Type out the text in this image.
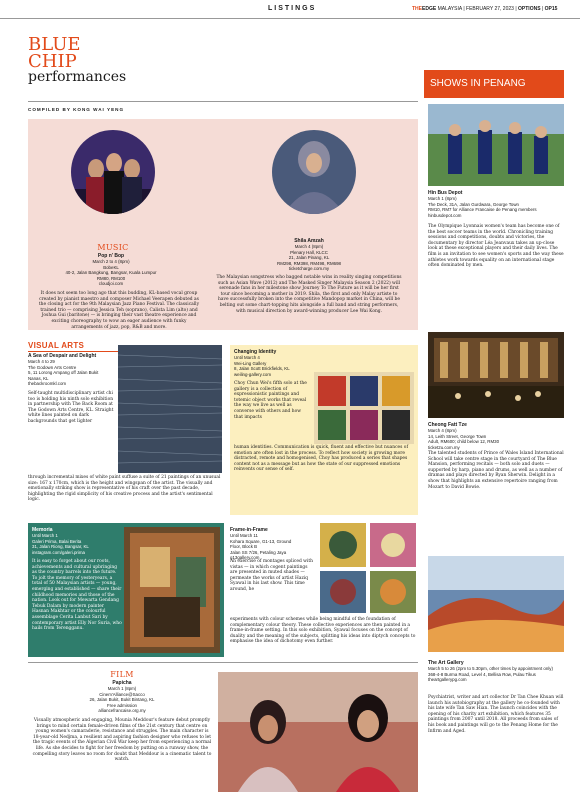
LISTINGS	THEEDGE MALAYSIA | FEBRUARY 27, 2023 | OPTIONS | OP15
BLUE
CHIP
performances	SHOWS IN PENANG
COMPILED BY KONG WAI YENG
MUSIC
Pop n' Bop
March 2 to 4 (8pm)
BobeKL
40-2, Jalan Bangkung, Bangsar, Kuala Lumpur
RM80, RM100
cloudjoi.com
It does not seem too long ago that this budding, KL-based vocal group created by pianist maestro and composer Michael Veerapen debuted as the closing act for the 9th Malaysian Jazz Piano Festival. The classically trained trio — comprising Jessica Teh (soprano), Calista Lim (alto) and Joshua Gui (baritone) — is bringing their vast theatre experience and exciting choreography to wow an eager audience with funky arrangements of jazz, pop, R&B and more.
Shila Amzah
March 4 (8pm)
Plenary Hall, KLCC
21, Jalan Pinang, KL
RM298, RM398, RM498, RM698
ticketcharge.com.my
The Malaysian songstress who bagged notable wins in reality singing competitions such as Asian Wave (2012) and The Masked Singer Malaysia Season 2 (2022) will serenade fans in her milestone show Journey To The Future as it will be her first tour since becoming a mother in 2019. Shila, the first and only Malay artiste to have successfully broken into the competitive Mandopop market in China, will be belting out some chart-topping hits alongside a full band and string performers, with musical direction by award-winning producer Lee Wai Kong.
VISUAL ARTS
A Sea of Despair and Delight
March 4 to 29
The Godown Arts Centre
5, 11 Lorong Ampang off Jalan Bukit
Nanas, KL
thebackroomkl.com
Self-taught multidisciplinary artist chi too is holding his ninth solo exhibition in partnership with The Back Room at The Godown Arts Centre, KL. Straight white lines painted on dark backgrounds that get lighter
through incremental mixes of white paint suffuse a suite of 21 paintings of an unusual size: 167 x 170cm, which is the height and wingspan of the artist. The visually and emotionally striking show is representative of his craft over the past decade, highlighting the rigid simplicity of his creative process and the artist's sentimental logic.
Changing Identity
Until March 4
Wei-Ling Gallery
8, Jalan Scott Brickfields, KL
weiling-gallery.com
Choy Chun Wei's fifth solo at the gallery is a collection of expressionistic paintings and totemic object works that reveal the way we live as well as converse with others and how that impacts
human identities. Communication is quick, fluent and effective but nuances of emotion are often lost in the process. To reflect how society is growing more distracted, remote and homogenised, Choy has produced a series that shapes content not as a message but as how the state of our suppressed emotions reinvents our sense of self.
Memoria
Until March 1
Galeri Prima, Balai Berita
31, Jalan Riong, Bangsar, KL
instagram.com/galeri.prima
It is easy to forget about our roots, achievements and cultural upbringing as the country barrels into the future. To jolt the memory of yesteryears, a total of 50 Malaysian artists — young, emerging and established — share their childhood memories and those of the nation. Look out for Mewarta Gendang Tebuk Dalam by modern painter Hasnan Makhtar or the colourful assemblage Cerita Lanbut Sari by contemporary artist Elly Nor Suria, who hails from Terengganu.
Frame-in-Frame
Until March 11
Kohara Square, G1-13, Ground
Floor, Block B
Jalan SS 7/26, Petaling Jaya
g13gallery.com
An exercise of montages spliced with vistas — in which cogent paintings are presented in muted shades — permeate the works of artist Haziq Syawal in his last show. This time around, he
experiments with colour schemes while being mindful of the foundation of complementary colour theory. These collective experiences are then painted in a frame-in-frame setting. In this solo exhibition, Syawal focuses on the concept of duality and the meaning of the subjects, splitting his ideas into diptych concepts to emphasise the idea of dichotomy even further.
FILM
Papicha
March 1 (8pm)
Cinem'Alliance@Sacco
26, Jalan Bukit, Bukit Bintang, KL
Free admission
alliancefrancaise.org.my
Visually atmospheric and engaging, Mounia Meddour's feature debut promptly brings to mind certain female-driven films of the 21st century that centre on young women's camaraderie, resistance and struggles. The main character is 18-year-old Nedjma, a resilient and aspiring fashion designer who refuses to let the tragic events of the Algerian Civil War keep her from experiencing a normal life. As she decides to fight for her freedom by putting on a runway show, the compelling story leaves no room for doubt that Meddour is a cinematic talent to watch.
Hin Bus Depot
March 1 (8pm)
The Deck, 31A, Jalan Gurdwara, George Town
RM10, RM7 for Alliance Francaise de Penang members
hinbusdepot.com
The Olympique Lyonnais women's team has become one of the best soccer teams in the world. Chronicling training sessions and competitions, doubts and victories, the documentary by director Léa Jeanvaux takes an up-close look at these exceptional players and their daily lives. The film is an invitation to see women's sports and the way these athletes work towards equality on an international stage often dominated by men.
Cheong Fatt Tze
March 4 (8pm)
14, Leith Street, George Town
Adult, RM600; child below 12, RM30
ticket2u.com.my
The talented students of Prince of Wales Island International School will take centre stage in the courtyard of The Blue Mansion, performing recitals — both solo and duets — supported by harp, piano and drums, as well as a number of dramas and plays directed by Ryan Sherwin. Delight in a show that highlights an extensive repertoire ranging from Mozart to David Bowie.
The Art Gallery
March 5 to 26 (2pm to 5.30pm, other times by appointment only)
368-4-8 Burma Road, Level 4, Bellisa Row, Pulau Tikus
theartgallerypg.com
Psychiatrist, writer and art collector Dr Tan Chee Khuan will launch his autobiography at the gallery he co-founded with his late wife Tan Saw Hian. The launch coincides with the opening of his charity art exhibition, which features 35 paintings from 2007 until 2018. All proceeds from sales of his book and paintings will go to the Penang Home for the Infirm and Aged.
